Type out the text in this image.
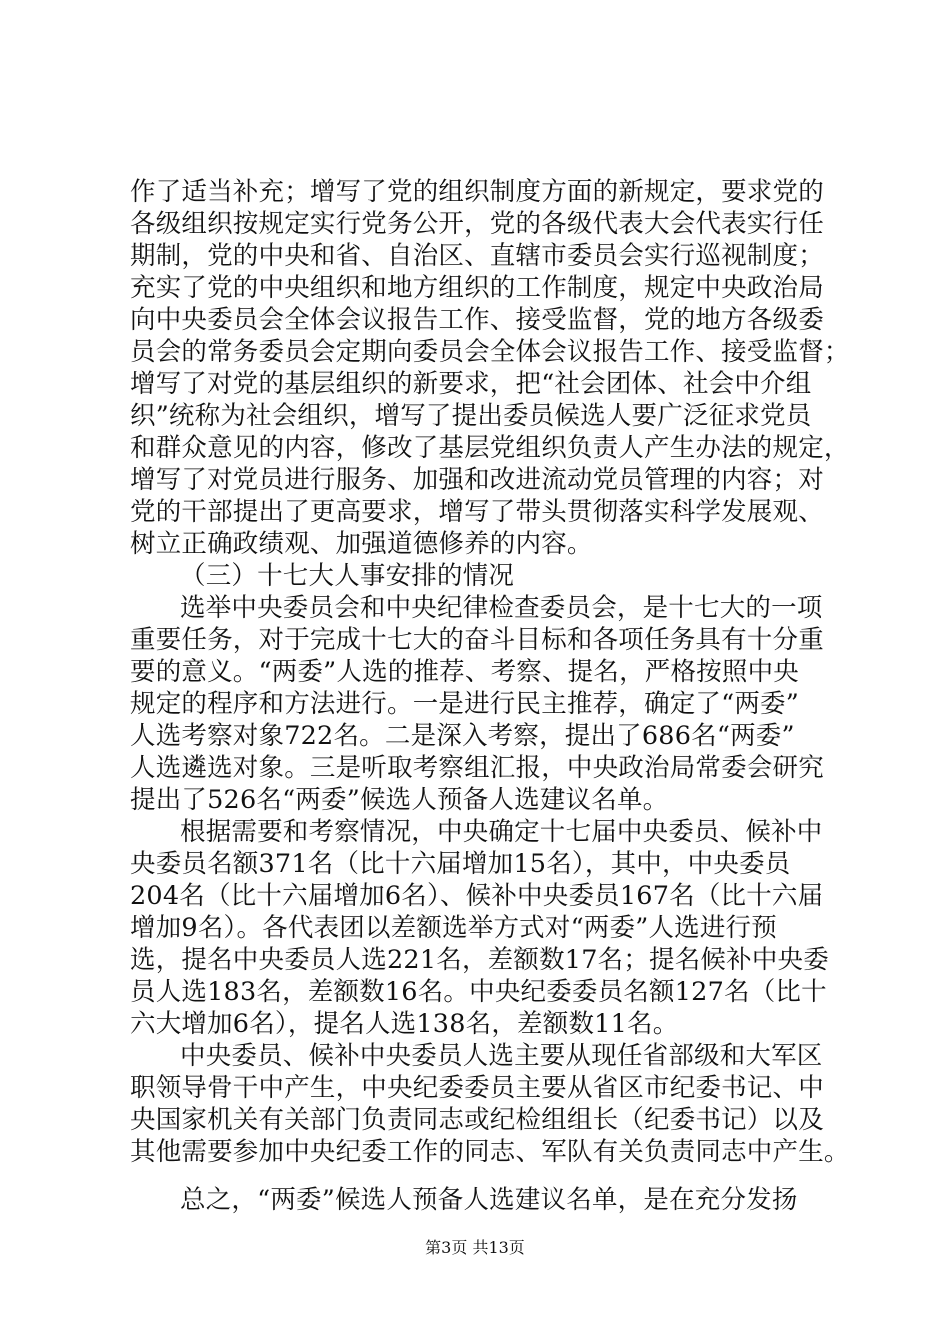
作了适当补充；增写了党的组织制度方面的新规定，要求党的
各级组织按规定实行党务公开，党的各级代表大会代表实行任
期制，党的中央和省、自治区、直辖市委员会实行巡视制度；
充实了党的中央组织和地方组织的工作制度，规定中央政治局
向中央委员会全体会议报告工作、接受监督，党的地方各级委
员会的常务委员会定期向委员会全体会议报告工作、接受监督；
增写了对党的基层组织的新要求，把“社会团体、社会中介组
织”统称为社会组织，增写了提出委员候选人要广泛征求党员
和群众意见的内容，修改了基层党组织负责人产生办法的规定，
增写了对党员进行服务、加强和改进流动党员管理的内容；对
党的干部提出了更高要求，增写了带头贯彻落实科学发展观、
树立正确政绩观、加强道德修养的内容。
（三）十七大人事安排的情况
选举中央委员会和中央纪律检查委员会，是十七大的一项
重要任务，对于完成十七大的奋斗目标和各项任务具有十分重
要的意义。“两委”人选的推荐、考察、提名，严格按照中央
规定的程序和方法进行。一是进行民主推荐，确定了“两委”
人选考察对象722名。二是深入考察，提出了686名“两委”
人选遴选对象。三是听取考察组汇报，中央政治局常委会研究
提出了526名“两委”候选人预备人选建议名单。
根据需要和考察情况，中央确定十七届中央委员、候补中
央委员名额371名（比十六届增加15名），其中，中央委员
204名（比十六届增加6名）、候补中央委员167名（比十六届
增加9名）。各代表团以差额选举方式对“两委”人选进行预
选，提名中央委员人选221名，差额数17名；提名候补中央委
员人选183名，差额数16名。中央纪委委员名额127名（比十
六大增加6名），提名人选138名，差额数11名。
中央委员、候补中央委员人选主要从现任省部级和大军区
职领导骨干中产生，中央纪委委员主要从省区市纪委书记、中
央国家机关有关部门负责同志或纪检组组长（纪委书记）以及
其他需要参加中央纪委工作的同志、军队有关负责同志中产生。
总之，“两委”候选人预备人选建议名单，是在充分发扬
第3页 共13页
